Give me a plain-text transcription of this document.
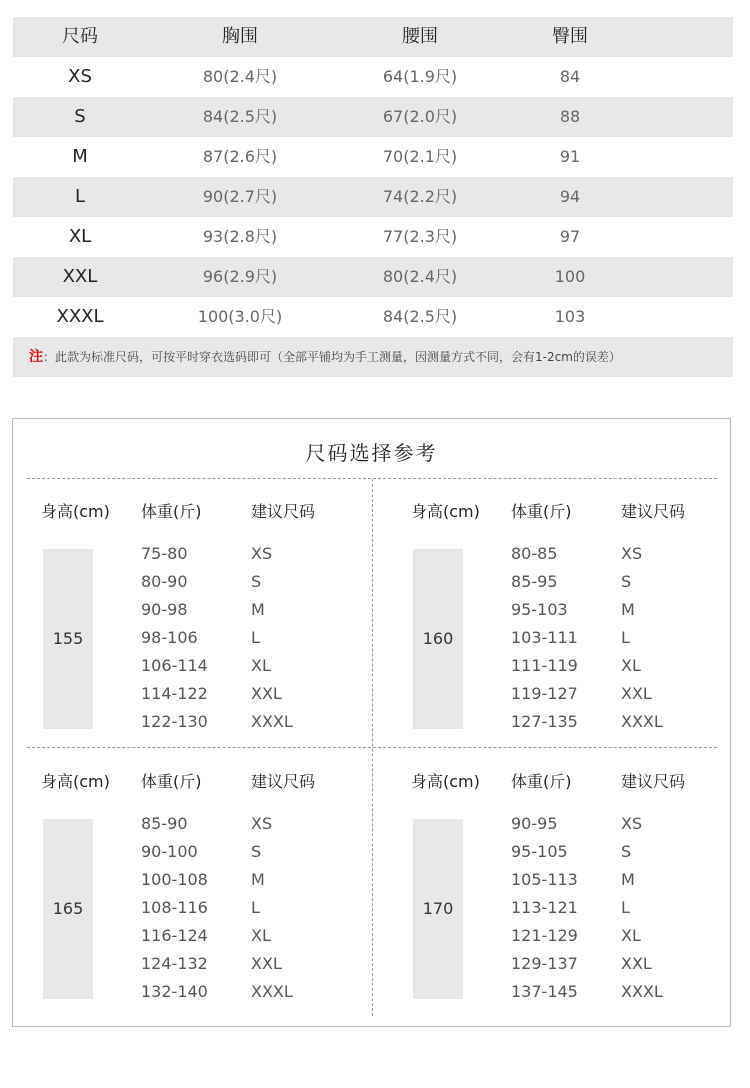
尺码	胸围	腰围	臀围
XS	80(2.4尺)	64(1.9尺)	84
S	84(2.5尺)	67(2.0尺)	88
M	87(2.6尺)	70(2.1尺)	91
L	90(2.7尺)	74(2.2尺)	94
XL	93(2.8尺)	77(2.3尺)	97
XXL	96(2.9尺)	80(2.4尺)	100
XXXL	100(3.0尺)	84(2.5尺)	103
注：此款为标准尺码，可按平时穿衣选码即可（全部平铺均为手工测量，因测量方式不同，会有1-2cm的误差）
尺码选择参考
身高(cm) 体重(斤)	建议尺码
155
75-80	XS
80-90	S
90-98	M
98-106	L
106-114	XL
114-122	XXL
122-130	XXXL
身高(cm) 体重(斤)	建议尺码
160
80-85	XS
85-95	S
95-103	M
103-111	L
111-119	XL
119-127	XXL
127-135	XXXL
身高(cm) 体重(斤)	建议尺码
165
85-90	XS
90-100	S
100-108	M
108-116	L
116-124	XL
124-132	XXL
132-140	XXXL
身高(cm) 体重(斤)	建议尺码
170
90-95	XS
95-105	S
105-113	M
113-121	L
121-129	XL
129-137	XXL
137-145	XXXL
